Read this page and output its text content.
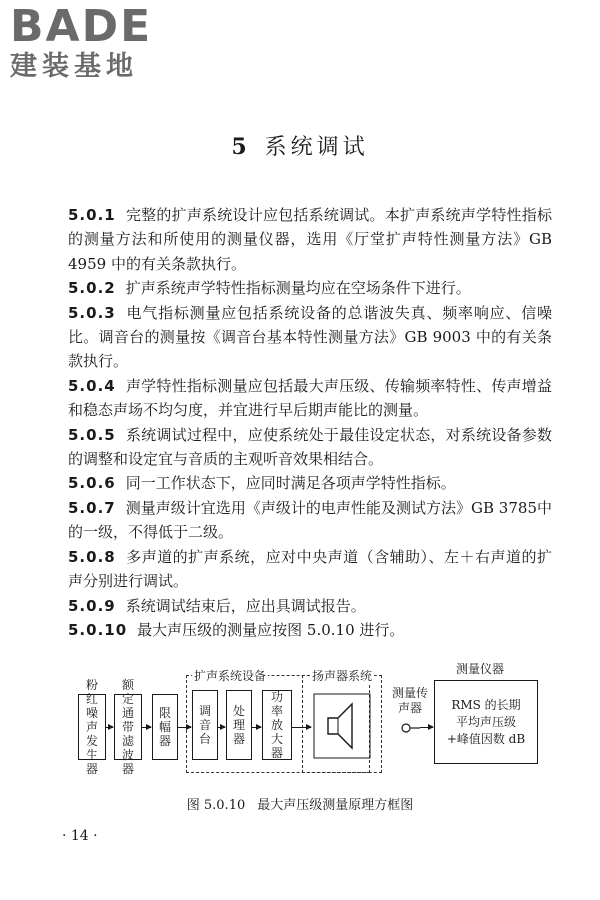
BADE
建装基地
5 系统调试

5.0.1 完整的扩声系统设计应包括系统调试。本扩声系统声学特性指标的测量方法和所使用的测量仪器，选用《厅堂扩声特性测量方法》GB 4959 中的有关条款执行。

5.0.2 扩声系统声学特性指标测量均应在空场条件下进行。

5.0.3 电气指标测量应包括系统设备的总谐波失真、频率响应、信噪比。调音台的测量按《调音台基本特性测量方法》GB 9003 中的有关条款执行。

5.0.4 声学特性指标测量应包括最大声压级、传输频率特性、传声增益和稳态声场不均匀度，并宜进行早后期声能比的测量。

5.0.5 系统调试过程中，应使系统处于最佳设定状态，对系统设备参数的调整和设定宜与音质的主观听音效果相结合。

5.0.6 同一工作状态下，应同时满足各项声学特性指标。

5.0.7 测量声级计宜选用《声级计的电声性能及测试方法》GB 3785中的一级，不得低于二级。

5.0.8 多声道的扩声系统，应对中央声道（含辅助）、左＋右声道的扩声分别进行调试。

5.0.9 系统调试结束后，应出具调试报告。

5.0.10 最大声压级的测量应按图 5.0.10 进行。

扩声系统设备	扬声器系统
粉红噪声发生器
额定通带滤波器
限幅器
调音台
处理器
功率放大器
测量传声器
测量仪器
RMS 的长期
平均声压级
+峰值因数 dB
图 5.0.10 最大声压级测量原理方框图
· 14 ·
